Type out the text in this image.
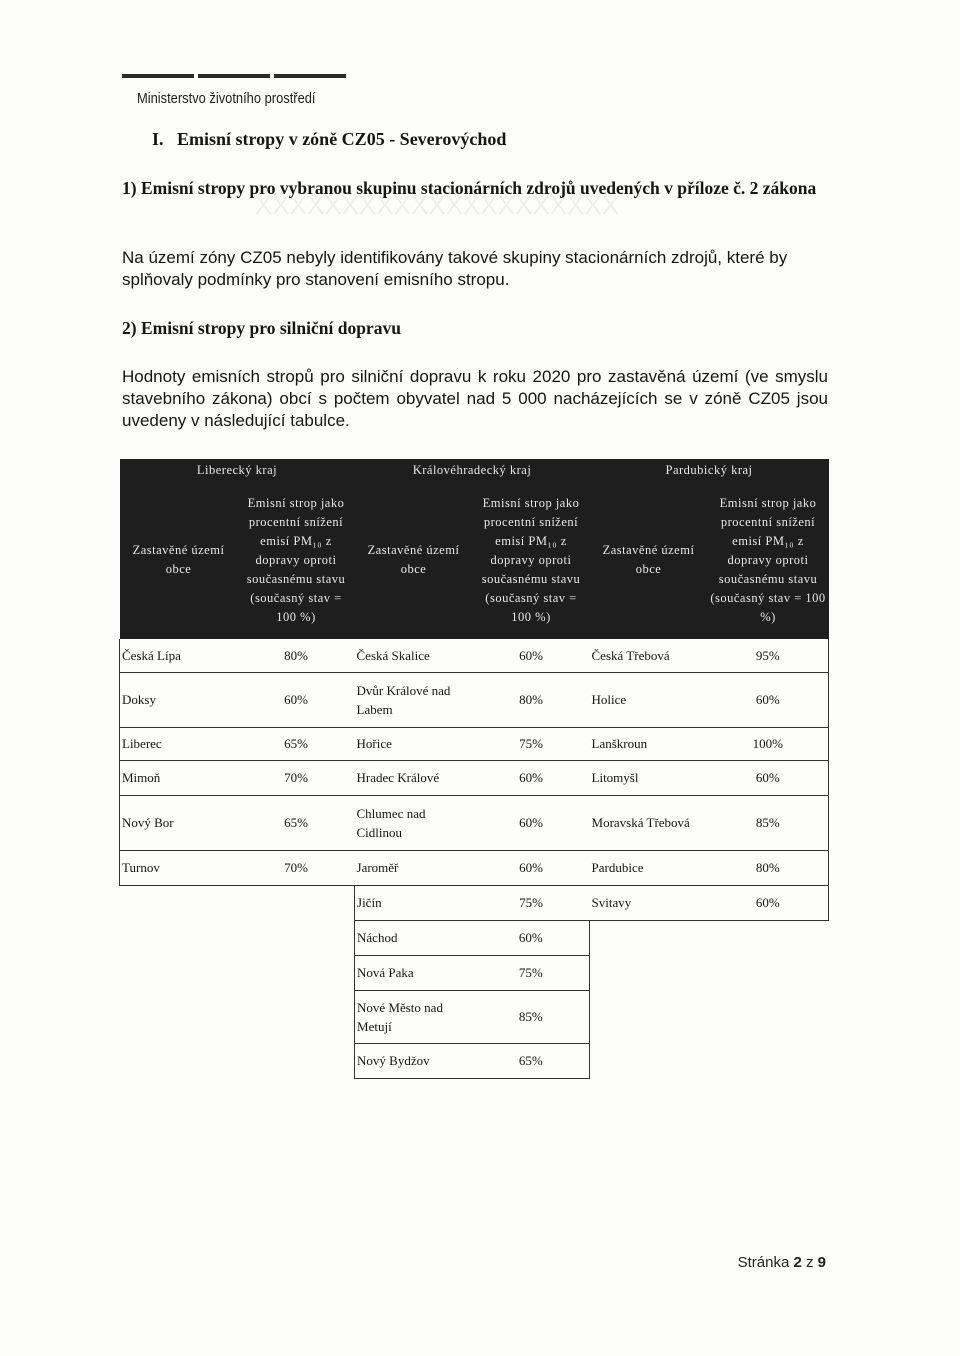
XXXXXXXXXXXXXXXXXXXXX
Ministerstvo životního prostředí
I.   Emisní stropy v zóně CZ05 - Severovýchod
1) Emisní stropy pro vybranou skupinu stacionárních zdrojů uvedených v příloze č. 2 zákona
Na území zóny CZ05 nebyly identifikovány takové skupiny stacionárních zdrojů, které by splňovaly podmínky pro stanovení emisního stropu.
2) Emisní stropy pro silniční dopravu
Hodnoty emisních stropů pro silniční dopravu k roku 2020 pro zastavěná území (ve smyslu stavebního zákona) obcí s počtem obyvatel nad 5 000 nacházejících se v zóně CZ05 jsou uvedeny v následující tabulce.
Liberecký kraj		Královéhradecký kraj		Pardubický kraj	
Zastavěné území obce	Emisní strop jako procentní snížení emisí PM₁₀ z dopravy oproti současnému stavu (současný stav = 100 %)	Zastavěné území obce	Emisní strop jako procentní snížení emisí PM₁₀ z dopravy oproti současnému stavu (současný stav = 100 %)	Zastavěné území obce	Emisní strop jako procentní snížení emisí PM₁₀ z dopravy oproti současnému stavu (současný stav = 100 %)
Česká Lípa	80%	Česká Skalice	60%	Česká Třebová	95%
Doksy	60%	Dvůr Králové nad Labem	80%	Holice	60%
Liberec	65%	Hořice	75%	Lanškroun	100%
Mimoň	70%	Hradec Králové	60%	Litomyšl	60%
Nový Bor	65%	Chlumec nad Cidlinou	60%	Moravská Třebová	85%
Turnov	70%	Jaroměř	60%	Pardubice	80%
		Jičín	75%	Svitavy	60%
		Náchod	60%		
		Nová Paka	75%		
		Nové Město nad Metují	85%		
		Nový Bydžov	65%		
Stránka 2 z 9
